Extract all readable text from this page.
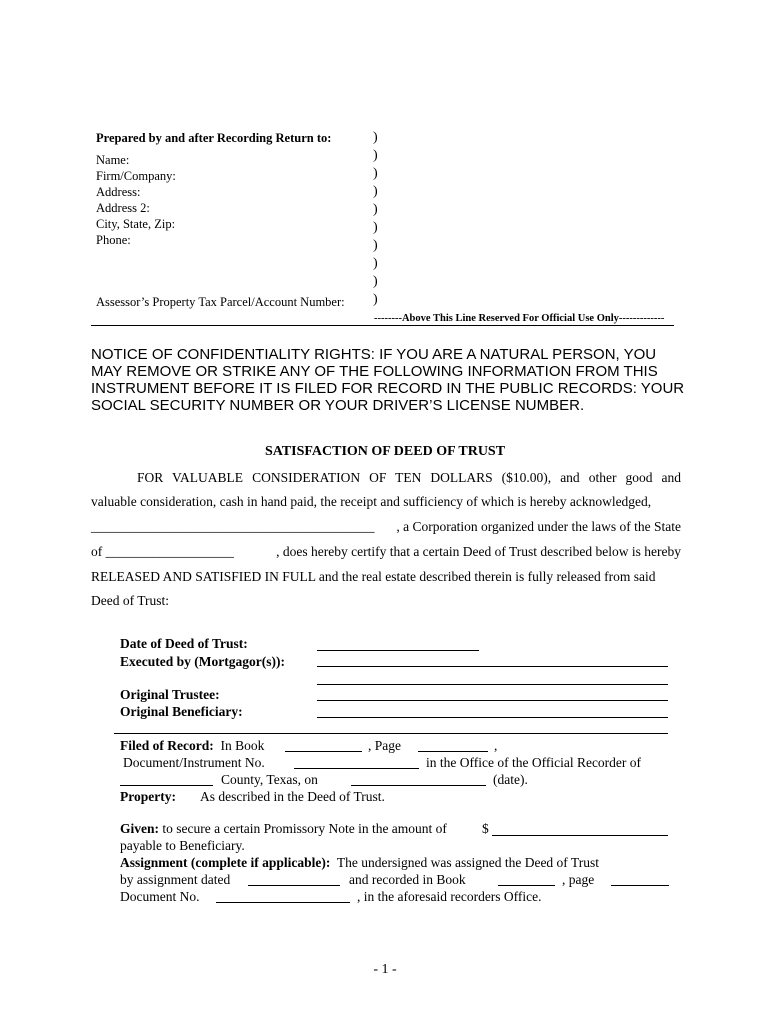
Prepared by and after Recording Return to:
Name:
Firm/Company:
Address:
Address 2:
City, State, Zip:
Phone:
Assessor’s Property Tax Parcel/Account Number:
)
)
)
)
)
)
)
)
)
)
--------Above This Line Reserved For Official Use Only-------------
NOTICE OF CONFIDENTIALITY RIGHTS: IF YOU ARE A NATURAL PERSON, YOU MAY REMOVE OR STRIKE ANY OF THE FOLLOWING INFORMATION FROM THIS INSTRUMENT BEFORE IT IS FILED FOR RECORD IN THE PUBLIC RECORDS: YOUR SOCIAL SECURITY NUMBER OR YOUR DRIVER’S LICENSE NUMBER.
SATISFACTION OF DEED OF TRUST
FOR VALUABLE CONSIDERATION OF TEN DOLLARS ($10.00), and other good and
valuable consideration, cash in hand paid, the receipt and sufficiency of which is hereby acknowledged,
__________________________________________ , a Corporation organized under the laws of the State
of ___________________	, does hereby certify that a certain Deed of Trust described below is hereby
RELEASED AND SATISFIED IN FULL and the real estate described therein is fully released from said
Deed of Trust:
Date of Deed of Trust:
Executed by (Mortgagor(s)):
Original Trustee:
Original Beneficiary:
Filed of Record: In Book	, Page	,
Document/Instrument No.	in the Office of the Official Recorder of
County, Texas, on	(date).
Property: As described in the Deed of Trust.
Given: to secure a certain Promissory Note in the amount of	$
payable to Beneficiary.
Assignment (complete if applicable): The undersigned was assigned the Deed of Trust
by assignment dated	and recorded in Book	, page
Document No.	, in the aforesaid recorders Office.
- 1 -
